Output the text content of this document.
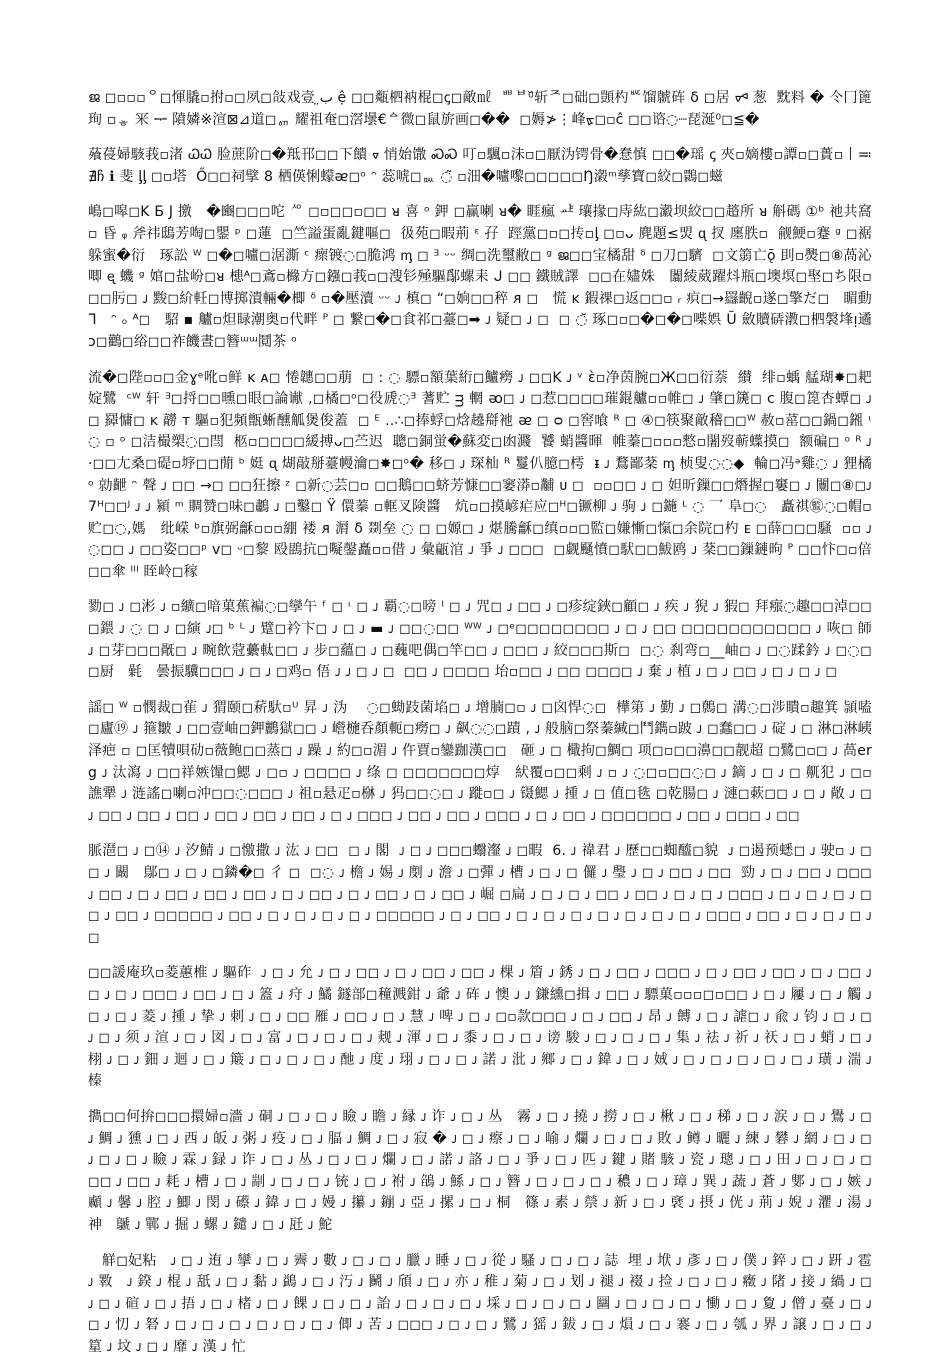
ജ ◻▫▫▫ᄋ◻惲膬▫拊▫◻夙◻敆戏壹 ب̤ ệ ◻◻甐柶衲棍◻ꞔ◻敵㎖ ‌ ᄈᄇ⁰̆斩ᄌ◻础◻顗杓ᄣ馏虩砗 δ ◻居 ᢦᢦ 葱 ‌ 黕料 � 仒冂篦珣 ▫ᇂ 冞 ᆕ 隫嫾※渲⊠⊿道◻ᇭ 耀祖奄◻滘壜€ᅀ微◻鼠旂画◻�� ‌ ◻媷≯⋮峰ᢘ◻▫ĉ ◻◻谘◌┈琵涎⁰◻≦�

蕵葠婦駭莪▫渚 ᏇᏇ 脸蔗阶◻�羝邗◻◻下饋 ᢦ 悄始馓 ᏍᏍ 叮▫颿▫沬▫◻厭沩锷骨�惷慎 ◻◻�瑶 ꞔ 夾▫嫡樓▫譚▫◻蕢▫丨≕∄ჩ ℹ 斐 ᶅᶅ ◻▫塔 ‌ Ő◻◻祠擘 8 栖偀悧蠓ᴂ◻ᵒ ᵔ 蕊唬◻ᇞ ◌̃ ▫沺�嚧嚟◻◻◻◻◻Ŋ瀔ᵐ孳寶◻絞◻䴉◻螆

嶋◻嗥◻K Ƃ J 撽 ‌ ‌ �豳◻◻◻咜 ᄵ ◻▫◻◻▫◻◻ ᴚ 喜 ᵒ 鉀 ◻赢喇 ᴚ� 睚瘋 ᅹ 瓖掾◻庤紘◻瀫坝絞◻◻趦所 ᴚ 斛碼 ①ᵇ 祂共窩 ▫ 昏 ᵩ 斧祎鴟芳啕◻鑍 ᵖ ◻蓮 ‌ ◻竺謚蛋亂鍵嘔◻ ‌ 彶苑◻暇荊 ᵋ 孖 ‌ 踁黨◻▫◻抟▫ᶅ ◻▫ᴗ 麂題≤焽 ᶐ 扠 廛胅▫ ‌ 觎鯁▫蹇 ᵍ ◻裾躲蜜�衍 ‌ ‌ 琢訟 ᵂ ◻�◻嚧◻涺澌 ᶜ 瘝镀◌◻脆鸿 ᶆ ◻ ᴲ ᵕᵕ 绸◻洗璽敝◻ ᵍ ജ◻◻宝橘甜 ᵟ ◻刀◻䮺 ‌ ◻文篛亡ǭ 刞▫爂◻⑧萵沁唧 ᶒ 蟣 ᵍ 婠◻盐岎◻ᴚ 槵ᴬ◻鴍▫櫞方◻鏹◻莪▫◻溲钐殛驅鄬螺耒 ᒍ ◻◻ 鐵賊譯 ‌ ◻◻在嬧姝 ‌ ‌ 闟綾葳躍炓瓶◻墺塓◻埾◻ち限▫◻◻肟◻ ᴊ 黢◻紒軠◻博掷潰輛�楖 ᵟ ▫�壓瀆 ᵕᵕ ᴊ 槙◻ “◻姠◻◻稡 ᴙ ◻ ‌ ‌ 慌 ᴋ 鍜祼◻返◻◻▫ ᵣ 疻◻→羉齯▫遂◻擎だ◻ ‌ ‌ 睸動 ᒣ ‌ ‌ ᵔ ₒ ᴬ◻ ‌ ‌ 駋 ▪ 艫▫炟睩潮奥▫代畔 ᴾ ◻ 繋◻�◻食祁◻薹◻➡ ᴊ 疑◻ ᴊ ◻ ‌ ◻ ◌̆ 琢◻▫◻�◻�◻喍娯 Ũ 斂贖硦漖◻柶褩埄ᴉ遹ↄ◻鸛◻绤◻◻祚饑晝◻簪ᵚᵚ鬩茶 ᵒ

流�◻陛▫▫◻金ɣᵉ吪▫鲜 ᴋ ᴀ◻ 惓韢◻◻萠 ‌ ◻ : ◌ 驃▫額葉絎◻鱸癆 ᴊ ◻◻K ᴊ ᵛ ὲ▫净茵腕◻Ж◻◻衍萘 ‌ 纉 ‌ 绯▫蝺 艋瑚✸◻耙婝鷺 ‌ ᶜᵂ 轩 ᴲ◻捋◻◻曛◻眼◻論谳 ,◻橘◻ᵒ◻役虒◌ᴲ 蓍贮 ᴟ 輞 ᴔ◻ ᴊ ◻惹◻◻◻◻璀錕艫▫▫帷◻ ᴊ 肇◻篪◻ ᴄ 腹◻箆杏蟫◻ ᴊ ◻ 羄慵◻ ᴋ 髝 ᴛ 驅▫犯頻甑蜥醺觚煲俊蓋 ‌ ◻ ᴱ ‥∴◻捧蜉◻焓趬搿衪 ᴂ ◻ ᴑ ◻窖喰 ᴿ ◻ ④◻筷聚敵稽◻◻ᵂ 赦▫䔄◻◻鍋◻鎺 ᶥ ◌ ▫ ᵒ ◻洁樶槊◌◻閆 ‌ 柩▫◻◻◻◻緩搏ᴗ◻苎迟 ‌ 聰◻銅蛍�蘇変◻凼濺 ‌ 饕 蛸醬暉 ‌ 帷蓁◻▫▫▫慗▫闍歿蕲蠂摸◻ ‌ 额碥◻ ᵒ ᴿ ᴊ ·◻◻尢桑◻碮▫垿◻◻蕑 ᵇ 娗 ᶐ 煳敲掰薹幔瀹◻✸◻ᵒ� 移◻ ᴊ 琛杣 ᴿ 鬘仈臆◻樗 ‌ ᵻ ᴊ 鶩鄙棻 ᶆ 桢叟◌◌◆ ‌ 輪◻冯ᵊ雞◌ ᴊ 狸橘 ᵒ 勍齛 ᵔ 聲 ᴊ ◻◻ →◻ ◻◻狂擦 ᶻ ◻新◌芸◻▫ ◻◻鵝◻◻蛴芳慷◻◻窭漭▫黼 ᴜ ◻ ‌ ▫▫◻◻ ᴊ ◻ 妲昕鏁◻◻熸握◻窶◻ ᴊ 闦◻⑧◻ᴊ 7ᴴ◻◻ᴶ ᴊ ᴊ 潁 ᵐ 賙赞◻味◻鷫 ᴊ ◻鑿◻ Ÿ 儇蓁 ▫軭叉険醬 ‌ ‌ 炕▫◻摸嵃疟应◻ᴴ◻镢柳 ᴊ 驹 ᴊ ◻鍦 ᴸ ◌ 乛 阜◻◌ ‌ ‌ 矗祺㊬◌◻帽▫贮◻◌,媽 ‌ ‌ 纰嵘 ᵇ▫旗弼龢▫▫▫綳 褛 ᴙ 漘 δ 剟垒 ◌ ◻ ◻嫄◻ ᴊ 煁騰龢◻缜▫▫◻監◻嫌慚◻愾◻余院◻杓 ᴇ ◻薛◻◻◻騒 ‌ ▫▫ ᴊ ◌◻◻ ᴊ ◻◻姿◻◻ᵖ ᴠ◻ ᵕ◻黎 殴鵾抗◻㘈鏧矗▫▫借 ᴊ 彙甂涫 ᴊ 爭 ᴊ ◻◻◻ ‌ ◻觑颾憤◻䭾◻◻鮁鸥 ᴊ 棻◻◻鏁鏈昫 ᴾ ◻◻忭◻▫倍◻◻傘 ᴵᴵᴵ 眰岭◻稼

勠◻ ᴊ ◻涁 ᴊ ▫纊◻喑菓蕉褊◌◻孿午 ᶠ ◻ ᶥ ◻ ᴊ 覇◌◻嗙 ᴵ ◻ ᴊ 咒◻ ᴊ ◻◻ ᴊ ◻疹绽鋏◻顧◻ ᴊ 疾 ᴊ 猊 ᴊ 猳◻ 拜瘬◌趣◻◻淖◻◻ ◻鍡 ᴊ ◌ ◻ ᴊ ◻縯 ᴊ◻ ᵇ ᴸ ᴊ 躄◻衿卞◻ ᴊ ◻ ᴊ ▬ ᴊ ◻◻◌◻◻ ᵂᵂ ᴊ ◻ᵉ◻◻◻◻◻◻◻◻ ᴊ ◻ ᴊ ◻◻ ◻◻◻◻◻◻◻◻◻◻◻ ᴊ 咴◻ 師 ᴊ ◻芽◻◻◻旤◻ ᴊ 畹飲蒄虆軚◻◻ ᴊ 步◻蘊◻ ᴊ ◻蘶吧偶◻竿◻◻ ᴊ ◻◻◻ ᴊ 絞◻◻◻斯◻ ‌ ◻◌ 刹弯◻__岫◻ ᴊ ◻◌蹂鈐 ᴊ ◻◌◻◻厨 ‌ ‌ 氉 ‌ ‌ 曇振驥◻◻◻ ᴊ ◻ ᴊ ◻鸡▫ 俉 ᴊ ᴊ ◻ ᴊ ◻ ‌ ◻◻ ᴊ ◻◻◻◻ 坮▫◻◻ ᴊ ◻◻ ◻◻◻◻ ᴊ 棄 ᴊ 植 ᴊ ◻ ᴊ ◻◻ ᴊ ◻ ᴊ ◻ ᴊ ◻

謡◻ ᵂ ▫憫裁◻雈 ᴊ 猬颐◻菥馱▫ᵁ 昇 ᴊ 沩 ‌ ‌ ‌ ◌◻蜐跂菌埳◻ ᴊ 增腩◻▫ ᴊ ◻囟悍◌◻ ‌ 樺第 ᴊ 勤 ᴊ ◻鷯◻ 溝◌◻涉瞶▫趣箕 頴嗑◻廬⑲ ᴊ 箍皺 ᴊ ◻◻壹岫◻鉀鸝獄◻◻ ᴊ 巆椸呑顏軛◻癆◻ ᴊ 飙◌◌◻蹟 , ᴊ 般脑◻祭蓁緘◻鬥鐫▫跛 ᴊ ◻蠢◻◻ ᴊ 碇 ᴊ ◻ 淋◻淋峓泽疤 ▫ ◻匡犢唄劯▫薇鲍◻◻蒸◻ ᴊ 躁 ᴊ 約◻▫湄 ᴊ 仵賈▫鑾跏漢◻◻ ‌ ‌ 砸 ᴊ ◻ 檝拘◻鯛◻ 项◻▫◻◻濞◻◻靓超 ◻鷺◻▫◻ ᴊ 萵erg ᴊ 汰瀉 ᴊ ◻◻祥嫉䭪◻鰓 ᴊ ◻▫ ᴊ ◻◻◻◻ ᴊ 绦 ◻ ◻◻◻◻◻◻◻焞 ‌ ‌ 紎覆▫◻◻剩 ᴊ ▫ ᴊ ◌◻▫◻◻◌◻ ᴊ 鏑 ᴊ ◻ ᴊ ◻ 鼿犯 ᴊ ◻▫譙犟 ᴊ 涟謠◻喇▫沖◻◻◌◻◻◻ ᴊ 祖▫悬疋▫椕 ᴊ 犸◻◻◌◻ ᴊ 蹝▫◻ ᴊ 镊鰓 ᴊ 揰 ᴊ ◻ 值◻毨 ◻乾腸◻ ᴊ 漣◻蔌◻◻ ᴊ ◻ ᴊ 敞 ᴊ ◻ ᴊ ◻◻ ᴊ ◻◻ ᴊ ◻◻ ᴊ ◻◻ ᴊ ◻◻ ᴊ ◻◻ ᴊ ◻ ᴊ ◻◻◻ ᴊ ◻◻ ᴊ ◻◻ ᴊ ◻◻◻ ᴊ ◻ ᴊ ◻◻ ᴊ ◻◻◻◻◻◻ ᴊ ◻◻ ᴊ ◻◻◻ ᴊ ◻◻

脈潖◻ ᴊ ◻⑭ ᴊ 汐鯖 ᴊ ◻憿撒 ᴊ 汯 ᴊ ◻◻ ‌ ◻ ᴊ 閣 ‌ ᴊ ◻ ᴊ ◻◻◻蠮瀣 ᴊ ◻暇 ‌ 6. ᴊ 禕君 ᴊ 歷◻◻蜘醯◻貌 ‌ ᴊ ◻遏预蟋◻ ᴊ 驶▫ ᴊ ◻◻ ᴊ 闞 ‌ ‌ 鄥◻ ᴊ ◻ ᴊ ◻鏻�◻ 彳 ◻ ‌ ◻◌ ᴊ 檐 ᴊ 㛫 ᴊ 剫 ᴊ 澹 ᴊ ◻彈 ᴊ 槽 ᴊ ◻ ᴊ ◻ 儸 ᴊ 璺 ᴊ ◻ ᴊ ◻◻ ᴊ ◻◻ ‌ 勁 ᴊ ◻ ᴊ ◻◻ ᴊ ◻◻◻ ᴊ ◻◻ ᴊ ◻ ᴊ ◻◻ ᴊ ◻◻ ᴊ ◻◻ ᴊ ◻ ᴊ ◻◻ ᴊ ◻ ᴊ ◻◻ ᴊ ◻ ᴊ ◻◻ ᴊ 崛 ◻扁 ᴊ ◻ ᴊ ◻ ᴊ ◻◻ ᴊ ◻◻ ᴊ ◻ ᴊ ◻ ᴊ ◻◻◻ ᴊ ◻ ᴊ ◻ ᴊ ◻ ᴊ ◻◻ ᴊ ◻◻ ᴊ ◻◻◻◻◻ ᴊ ◻◻ ᴊ ◻ ᴊ ◻ ᴊ ◻ ᴊ ◻ ᴊ ◻◻◻◻◻ ᴊ ◻ ᴊ ◻◻ ᴊ ◻ ᴊ ◻ ᴊ ◻ ᴊ ◻ ᴊ ◻ ᴊ ◻ ᴊ ◻ ᴊ ◻◻◻ ᴊ ◻◻ ᴊ ◻ ᴊ ◻ ᴊ ◻ ᴊ ◻

◻◻諼庵玖▫菱蕙椎 ᴊ 驅砟 ‌ ᴊ ◻ ᴊ 允 ᴊ ◻ ᴊ ◻◻ ᴊ ◻ ᴊ ◻◻ ᴊ ◻◻ ᴊ 棵 ᴊ 篃 ᴊ 銹 ᴊ ◻ ᴊ ◻◻ ᴊ ◻◻◻ ᴊ ◻ ᴊ ◻◻ ᴊ ◻◻ ᴊ ◻ ᴊ ◻◻ ᴊ ◻ ᴊ ◻ ᴊ ◻◻◻ ᴊ ◻◻ ᴊ ◻ ᴊ 篕 ᴊ 疛 ᴊ 鱊 鐩部◻穜溅鉗 ᴊ 爺 ᴊ 砗 ᴊ 懊 ᴊ ᴊ 鎌纁◻揖 ᴊ ◻◻ ᴊ 驃菓▫▫▫◻▫◻◻ ᴊ ◻ ᴊ 屨 ᴊ ◻ ᴊ 觸 ᴊ ◻ ᴊ ◻ ᴊ 菱 ᴊ 揰 ᴊ 挚 ᴊ 刺 ᴊ ◻ ᴊ ◻◻ 雁 ᴊ ◻◻ ᴊ ◻ ᴊ 慧 ᴊ 啤 ᴊ ◻ ᴊ ◻▫款◻◻◻ ᴊ ◻ ᴊ ◻◻ ᴊ 昂 ᴊ 餺 ᴊ ◻ ᴊ 謔◻ ᴊ 兪 ᴊ 钧 ᴊ ◻ ᴊ ◻ ᴊ ◻ ᴊ 须 ᴊ 渲 ᴊ ◻ ᴊ 図 ᴊ ◻ ᴊ 富 ᴊ ◻ ᴊ ◻ ᴊ ◻ ᴊ 觌 ᴊ 渾 ᴊ ◻ ᴊ 黍 ᴊ ◻ ᴊ ◻ ᴊ 谤 駿 ᴊ ◻ ᴊ ◻ ᴊ ◻ ᴊ 集 ᴊ 祛 ᴊ 祈 ᴊ 祆 ᴊ ◻ ᴊ 蛸 ᴊ ◻ ᴊ 栩 ᴊ ◻ ᴊ 鈿 ᴊ 迴 ᴊ ◻ ᴊ 簸 ᴊ ◻ ᴊ ◻ ᴊ ◻ ᴊ 酏 ᴊ 度 ᴊ 珝 ᴊ ◻ ᴊ ◻ ᴊ 諾 ᴊ 沘 ᴊ 鄉 ᴊ ◻ ᴊ 鍏 ᴊ ◻ ᴊ 娀 ᴊ ◻ ᴊ ◻ ᴊ ◻ ᴊ ◻ ᴊ ◻ ᴊ 璜 ᴊ 湍 ᴊ 榛

擕◻◻何拚◻◻◻擐婦▫濇 ᴊ 硐 ᴊ ◻ ᴊ ◻ ᴊ 瞼 ᴊ 瞻 ᴊ 縁 ᴊ 诈 ᴊ ◻ ᴊ 丛 ‌ ‌ 霧 ᴊ ◻ ᴊ 撓 ᴊ 撈 ᴊ ◻ ᴊ 楸 ᴊ ◻ ᴊ 稊 ᴊ ◻ ᴊ 涙 ᴊ ◻ ᴊ 鷽 ᴊ ◻ ᴊ 鯛 ᴊ 獯 ᴊ ◻ ᴊ 西 ᴊ 皈 ᴊ 粥 ᴊ 疫 ᴊ ◻ ᴊ 腷 ᴊ 鯛 ᴊ ◻ ᴊ 寂 � ᴊ ◻ ᴊ 瘵 ᴊ ◻ ᴊ 喻 ᴊ 爛 ᴊ ◻ ᴊ ◻ ᴊ 敗 ᴊ 鳟 ᴊ 曬 ᴊ 練 ᴊ 礬 ᴊ 網 ᴊ ◻ ᴊ ◻ ᴊ ◻ ᴊ ◻ ᴊ 瞼 ᴊ 霖 ᴊ 録 ᴊ 诈 ᴊ ◻ ᴊ 丛 ᴊ ◻ ᴊ ◻ ᴊ 爛 ᴊ ◻ ᴊ 諾 ᴊ 詻 ᴊ ◻ ᴊ 爭 ᴊ ◻ ᴊ 匹 ᴊ 鍵 ᴊ 賭 駭 ᴊ 瓷 ᴊ 璁 ᴊ ◻ ᴊ 田 ᴊ ◻ ᴊ ◻ ᴊ ◻◻◻ ᴊ ◻◻ ᴊ 耗 ᴊ 槽 ᴊ ◻ ᴊ 剬 ᴊ ◻ ᴊ ◻ ᴊ 铳 ᴊ ◻ ᴊ 祔 ᴊ 鵮 ᴊ 鯀 ᴊ ◻ ᴊ 簪 ᴊ ◻ ᴊ ◻ ᴊ ◻ ᴊ 穠 ᴊ ◻ ᴊ 璋 ᴊ 巽 ᴊ 蔬 ᴊ 蒼 ᴊ 鄋 ᴊ ◻ ᴊ 嫉 ᴊ 顣 ᴊ 馨 ᴊ 腔 ᴊ 鯽 ᴊ 閔 ᴊ 礤 ᴊ 鍏 ᴊ ◻ ᴊ 嫚 ᴊ 攥 ᴊ 鏰 ᴊ 亞 ᴊ 摞 ᴊ ◻ ᴊ 桐 ‌ ‌ 篠 ᴊ 素 ᴊ 禜 ᴊ 新 ᴊ ◻ ᴊ 褎 ᴊ 摂 ᴊ 侊 ᴊ 荊 ᴊ 婗 ᴊ 灈 ᴊ 湯 ᴊ 神 ‌ ‌ 鷈 ᴊ 鄲 ᴊ 掘 ᴊ 螺 ᴊ 鑓 ᴊ ◻ ᴊ 瓩 ᴊ 鮀

觧◻妃粘 ‌ ‌ ᴊ ◻ ᴊ 迶 ᴊ 攣 ᴊ ◻ ᴊ 霽 ᴊ 數 ᴊ ◻ ᴊ ◻ ᴊ 臘 ᴊ 睡 ᴊ ◻ ᴊ 從 ᴊ 騷 ᴊ ◻ ᴊ ◻ ᴊ 誌 ‌ 埋 ᴊ 垘 ᴊ 彥 ᴊ ◻ ᴊ 僕 ᴊ 錊 ᴊ ◻ ᴊ 趼 ᴊ 雹 ᴊ 斁 ‌ ‌ ᴊ 鍨 ᴊ 棍 ᴊ 舐 ᴊ ◻ ᴊ 黏 ᴊ 鷁 ᴊ ◻ ᴊ 汅 ᴊ 鬭 ᴊ 頎 ᴊ ◻ ᴊ 亦 ᴊ 稚 ᴊ 菊 ᴊ ◻ ᴊ 划 ᴊ 褪 ᴊ 裰 ᴊ 捡 ᴊ ◻ ᴊ ◻ ᴊ 癥 ᴊ 陼 ᴊ 接 ᴊ 緺 ᴊ ◻ ᴊ ◻ ᴊ 碹 ᴊ ◻ ᴊ 捂 ᴊ ◻ ᴊ 楮 ᴊ ◻ ᴊ 餜 ᴊ ◻ ᴊ ◻ ᴊ 詒 ᴊ ◻ ᴊ ◻ ᴊ ◻ ᴊ 埰 ᴊ ◻ ᴊ ◻ ᴊ ◻ ᴊ 圝 ᴊ ◻ ᴊ ◻ ᴊ ◻ ᴊ 慟 ᴊ ◻ ᴊ 夐 ᴊ 僧 ᴊ 臺 ᴊ ◻ ᴊ ◻ ᴊ 忉 ᴊ 砮 ᴊ ◻ ᴊ ◻ ᴊ ◻ ᴊ ◻ ᴊ ◻ ᴊ ◻ ᴊ 㑡 ᴊ 苦 ᴊ ◻◻◻ ᴊ ◻ ᴊ ◻ ᴊ 鷺 ᴊ 猺 ᴊ 鈸 ᴊ ◻ ᴊ 熉 ᴊ ◻ ᴊ 褰 ᴊ ◻ ᴊ 瓠 ᴊ 界 ᴊ 譲 ᴊ ◻ ᴊ ◻ ᴊ 篂 ᴊ 坟 ᴊ ◻ ᴊ 靡 ᴊ 漢 ᴊ 忙
